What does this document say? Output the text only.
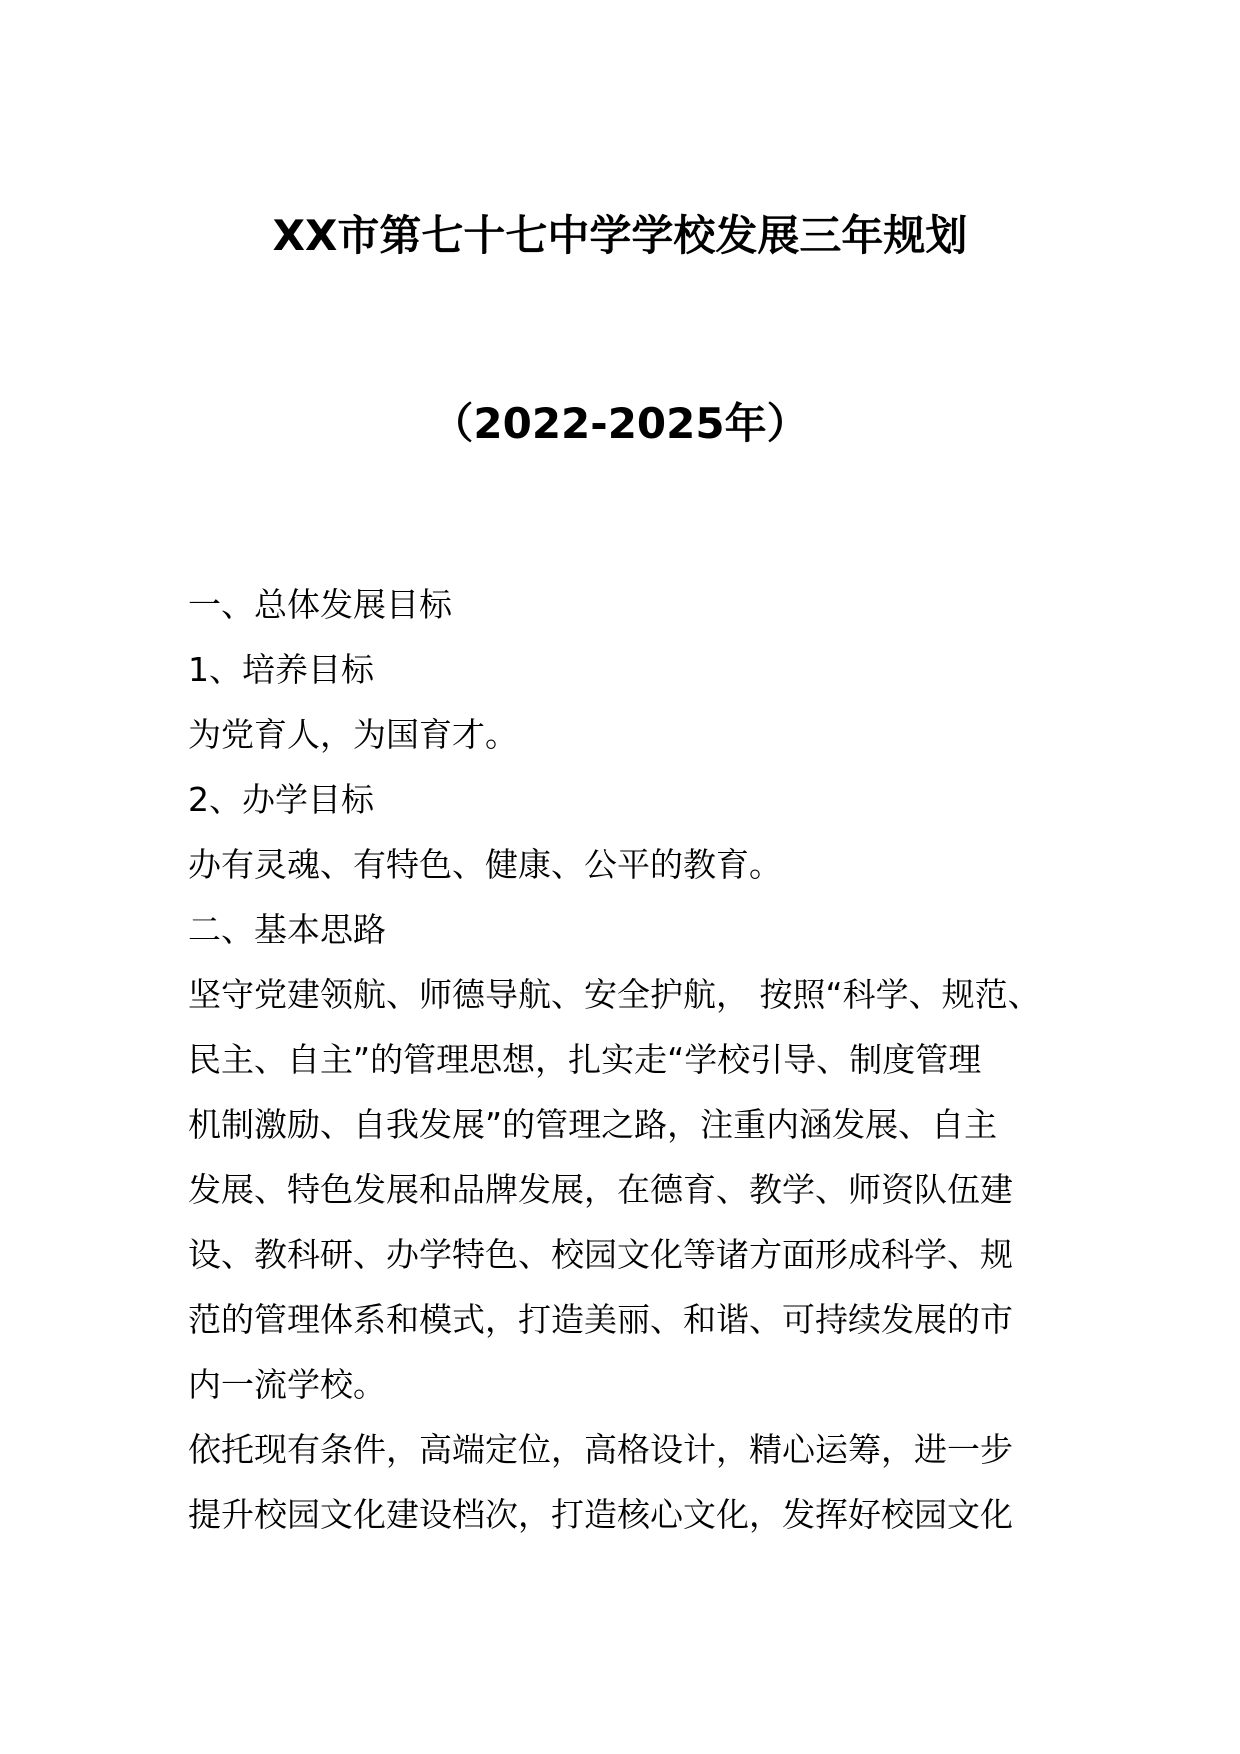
XX市第七十七中学学校发展三年规划
（2022-2025年）

一、总体发展目标

1、培养目标

为党育人，为国育才。

2、办学目标

办有灵魂、有特色、健康、公平的教育。

二、基本思路

坚守党建领航、师德导航、安全护航， 按照“科学、规范、

民主、自主”的管理思想，扎实走“学校引导、制度管理

机制激励、自我发展”的管理之路，注重内涵发展、自主

发展、特色发展和品牌发展，在德育、教学、师资队伍建

设、教科研、办学特色、校园文化等诸方面形成科学、规

范的管理体系和模式，打造美丽、和谐、可持续发展的市

内一流学校。

依托现有条件，高端定位，高格设计，精心运筹，进一步

提升校园文化建设档次，打造核心文化，发挥好校园文化
